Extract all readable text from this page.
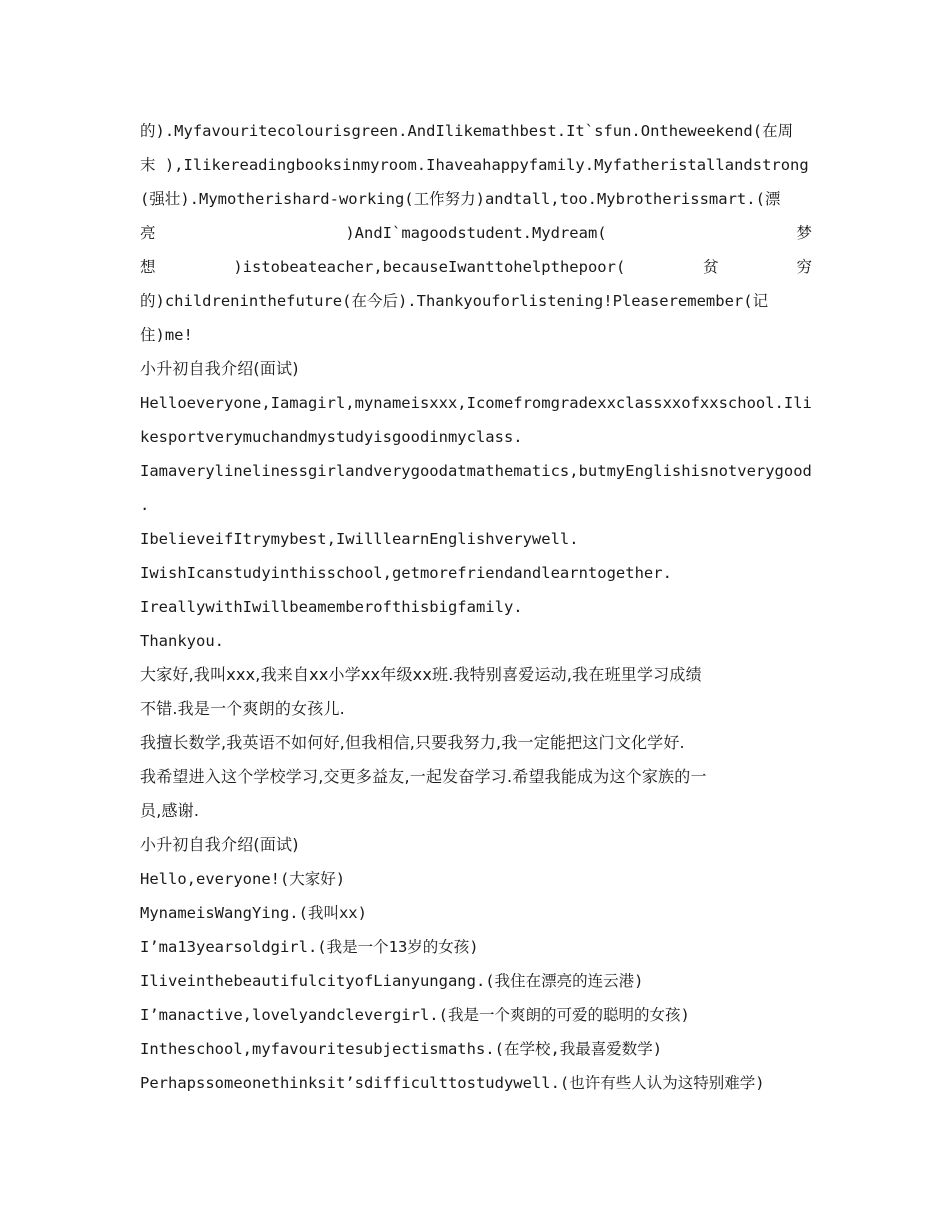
的).Myfavouritecolourisgreen.AndIlikemathbest.It`sfun.Ontheweekend(在周
末 ),Ilikereadingbooksinmyroom.Ihaveahappyfamily.Myfatheristallandstrong
(强壮).Mymotherishard-working(工作努力)andtall,too.Mybrotherissmart.(漂
亮	)AndI`magoodstudent.Mydream(	梦
想	)istobeateacher,becauseIwanttohelpthepoor(	贫	穷
的)childreninthefuture(在今后).Thankyouforlistening!Pleaseremember(记
住)me!
小升初自我介绍(面试)
Helloeveryone,Iamagirl,mynameisxxx,Icomefromgradexxclassxxofxxschool.Ili
kesportverymuchandmystudyisgoodinmyclass.
Iamaverylinelinessgirlandverygoodatmathematics,butmyEnglishisnotverygood
.
IbelieveifItrymybest,IwilllearnEnglishverywell.
IwishIcanstudyinthisschool,getmorefriendandlearntogether.
IreallywithIwillbeamemberofthisbigfamily.
Thankyou.
大家好,我叫xxx,我来自xx小学xx年级xx班.我特别喜爱运动,我在班里学习成绩
不错.我是一个爽朗的女孩儿.
我擅长数学,我英语不如何好,但我相信,只要我努力,我一定能把这门文化学好.
我希望进入这个学校学习,交更多益友,一起发奋学习.希望我能成为这个家族的一
员,感谢.
小升初自我介绍(面试)
Hello,everyone!(大家好)
MynameisWangYing.(我叫xx)
I’ma13yearsoldgirl.(我是一个13岁的女孩)
IliveinthebeautifulcityofLianyungang.(我住在漂亮的连云港)
I’manactive,lovelyandclevergirl.(我是一个爽朗的可爱的聪明的女孩)
Intheschool,myfavouritesubjectismaths.(在学校,我最喜爱数学)
Perhapssomeonethinksit’sdifficulttostudywell.(也许有些人认为这特别难学)
